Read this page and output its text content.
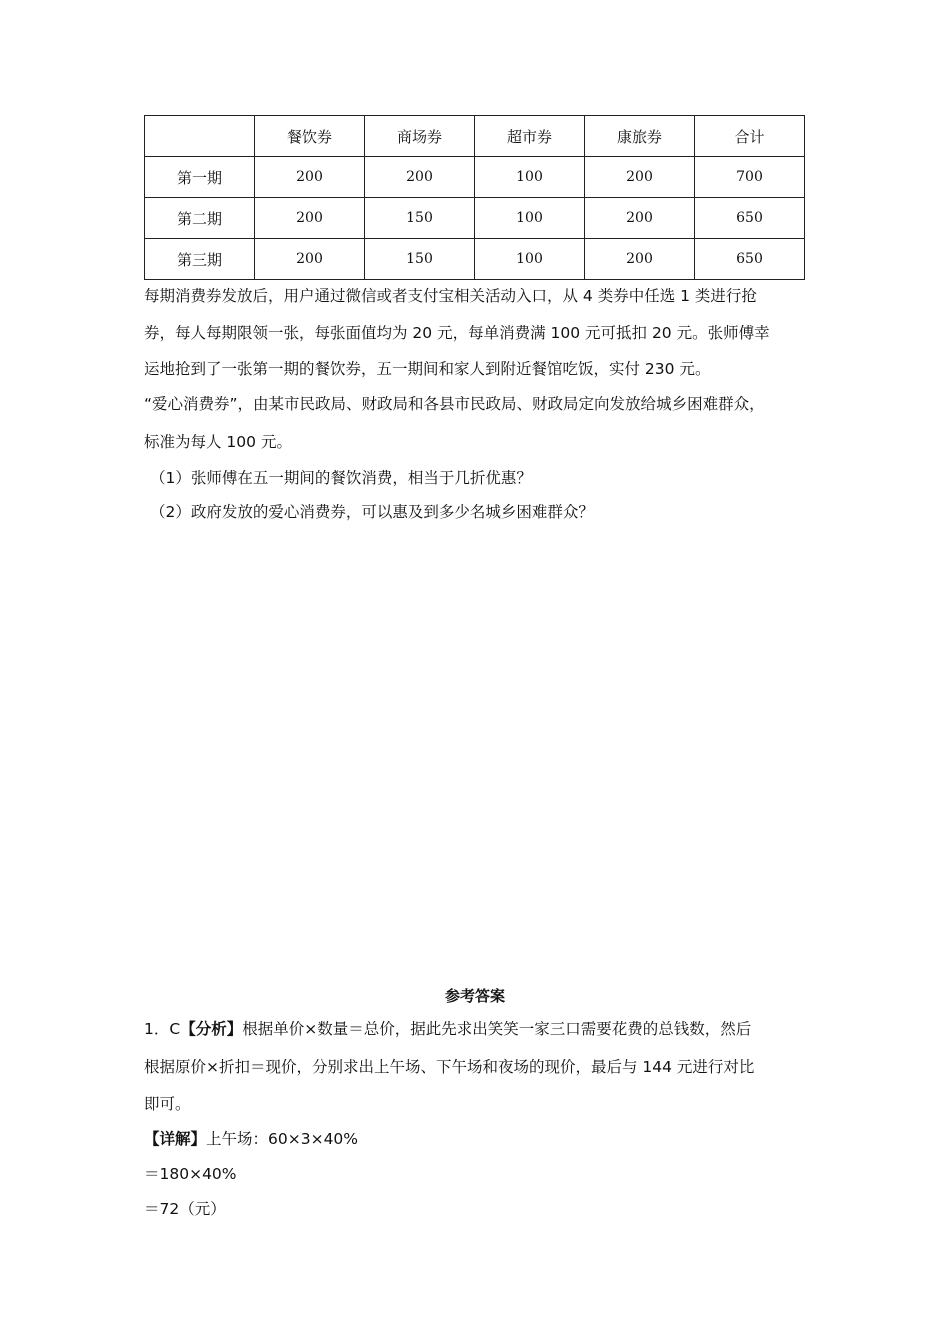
	餐饮券	商场券	超市券	康旅券	合计
第一期	200	200	100	200	700
第二期	200	150	100	200	650
第三期	200	150	100	200	650
每期消费券发放后，用户通过微信或者支付宝相关活动入口，从 4 类券中任选 1 类进行抢
券，每人每期限领一张，每张面值均为 20 元，每单消费满 100 元可抵扣 20 元。张师傅幸
运地抢到了一张第一期的餐饮券，五一期间和家人到附近餐馆吃饭，实付 230 元。
“爱心消费券”，由某市民政局、财政局和各县市民政局、财政局定向发放给城乡困难群众，
标准为每人 100 元。
（1）张师傅在五一期间的餐饮消费，相当于几折优惠？
（2）政府发放的爱心消费券，可以惠及到多少名城乡困难群众？
参考答案
1．C【分析】根据单价×数量＝总价，据此先求出笑笑一家三口需要花费的总钱数，然后
根据原价×折扣＝现价，分别求出上午场、下午场和夜场的现价，最后与 144 元进行对比
即可。
【详解】上午场：60×3×40%
＝180×40%
＝72（元）
